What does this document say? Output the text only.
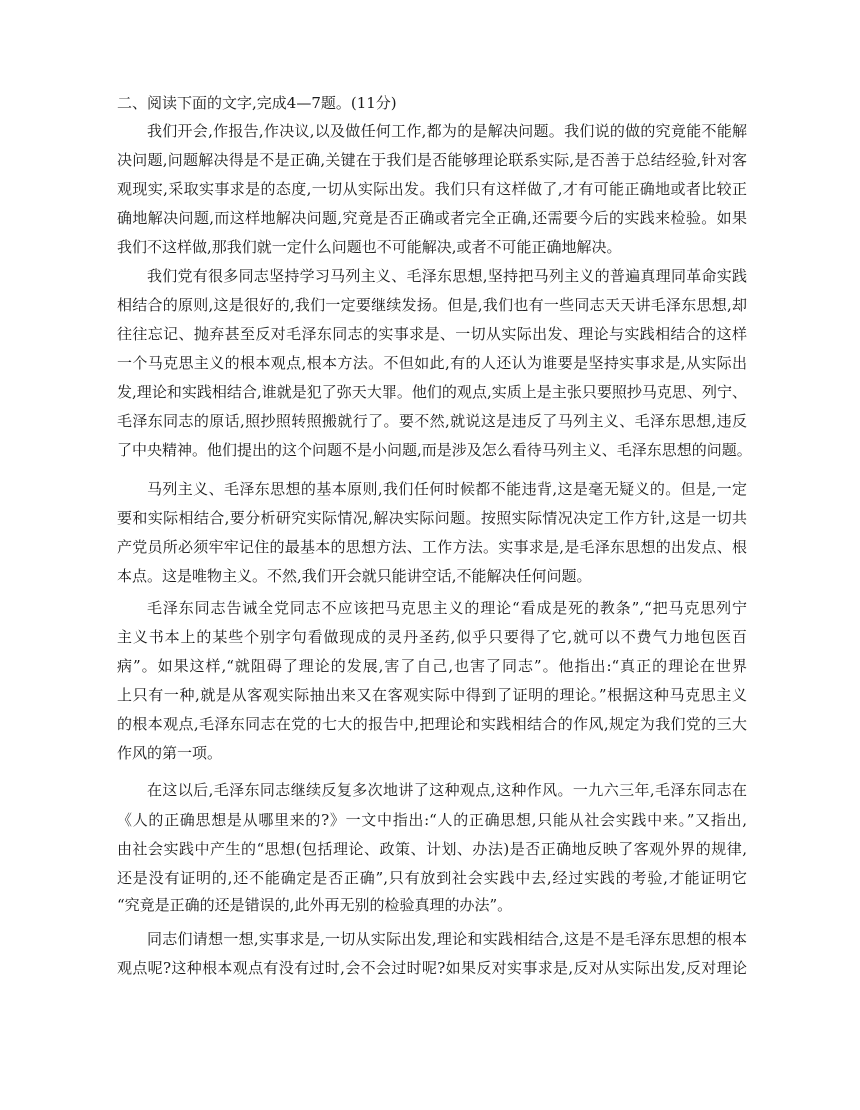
二、阅读下面的文字,完成4—7题。(11分)
我们开会,作报告,作决议,以及做任何工作,都为的是解决问题。我们说的做的究竟能不能解
决问题,问题解决得是不是正确,关键在于我们是否能够理论联系实际,是否善于总结经验,针对客
观现实,采取实事求是的态度,一切从实际出发。我们只有这样做了,才有可能正确地或者比较正
确地解决问题,而这样地解决问题,究竟是否正确或者完全正确,还需要今后的实践来检验。如果
我们不这样做,那我们就一定什么问题也不可能解决,或者不可能正确地解决。
我们党有很多同志坚持学习马列主义、毛泽东思想,坚持把马列主义的普遍真理同革命实践
相结合的原则,这是很好的,我们一定要继续发扬。但是,我们也有一些同志天天讲毛泽东思想,却
往往忘记、抛弃甚至反对毛泽东同志的实事求是、一切从实际出发、理论与实践相结合的这样
一个马克思主义的根本观点,根本方法。不但如此,有的人还认为谁要是坚持实事求是,从实际出
发,理论和实践相结合,谁就是犯了弥天大罪。他们的观点,实质上是主张只要照抄马克思、列宁、
毛泽东同志的原话,照抄照转照搬就行了。要不然,就说这是违反了马列主义、毛泽东思想,违反
了中央精神。他们提出的这个问题不是小问题,而是涉及怎么看待马列主义、毛泽东思想的问题。
马列主义、毛泽东思想的基本原则,我们任何时候都不能违背,这是毫无疑义的。但是,一定
要和实际相结合,要分析研究实际情况,解决实际问题。按照实际情况决定工作方针,这是一切共
产党员所必须牢牢记住的最基本的思想方法、工作方法。实事求是,是毛泽东思想的出发点、根
本点。这是唯物主义。不然,我们开会就只能讲空话,不能解决任何问题。
毛泽东同志告诫全党同志不应该把马克思主义的理论“看成是死的教条”,“把马克思列宁
主义书本上的某些个别字句看做现成的灵丹圣药,似乎只要得了它,就可以不费气力地包医百
病”。如果这样,“就阻碍了理论的发展,害了自己,也害了同志”。他指出:“真正的理论在世界
上只有一种,就是从客观实际抽出来又在客观实际中得到了证明的理论。”根据这种马克思主义
的根本观点,毛泽东同志在党的七大的报告中,把理论和实践相结合的作风,规定为我们党的三大
作风的第一项。
在这以后,毛泽东同志继续反复多次地讲了这种观点,这种作风。一九六三年,毛泽东同志在
《人的正确思想是从哪里来的?》一文中指出:“人的正确思想,只能从社会实践中来。”又指出,
由社会实践中产生的“思想(包括理论、政策、计划、办法)是否正确地反映了客观外界的规律,
还是没有证明的,还不能确定是否正确”,只有放到社会实践中去,经过实践的考验,才能证明它
“究竟是正确的还是错误的,此外再无别的检验真理的办法”。
同志们请想一想,实事求是,一切从实际出发,理论和实践相结合,这是不是毛泽东思想的根本
观点呢?这种根本观点有没有过时,会不会过时呢?如果反对实事求是,反对从实际出发,反对理论
